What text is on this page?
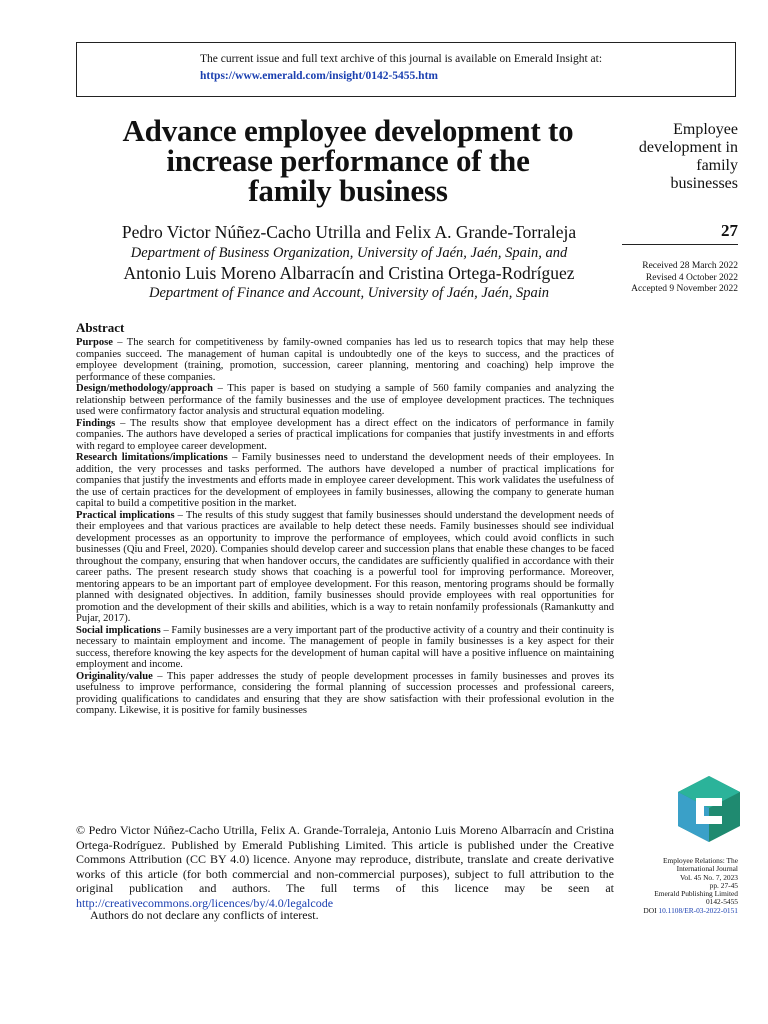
The current issue and full text archive of this journal is available on Emerald Insight at:
https://www.emerald.com/insight/0142-5455.htm
Advance employee development to
increase performance of the
family business
Pedro Victor Núñez-Cacho Utrilla and Felix A. Grande-Torraleja
Department of Business Organization, University of Jaén, Jaén, Spain, and
Antonio Luis Moreno Albarracín and Cristina Ortega-Rodríguez
Department of Finance and Account, University of Jaén, Jaén, Spain
Employee
development in
family
businesses
27
Received 28 March 2022
Revised 4 October 2022
Accepted 9 November 2022
Abstract

Purpose – The search for competitiveness by family-owned companies has led us to research topics that may help these companies succeed. The management of human capital is undoubtedly one of the keys to success, and the practices of employee development (training, promotion, succession, career planning, mentoring and coaching) help improve the performance of these companies.

Design/methodology/approach – This paper is based on studying a sample of 560 family companies and analyzing the relationship between performance of the family businesses and the use of employee development practices. The techniques used were confirmatory factor analysis and structural equation modeling.

Findings – The results show that employee development has a direct effect on the indicators of performance in family companies. The authors have developed a series of practical implications for companies that justify investments in and efforts with regard to employee career development.

Research limitations/implications – Family businesses need to understand the development needs of their employees. In addition, the very processes and tasks performed. The authors have developed a number of practical implications for companies that justify the investments and efforts made in employee career development. This work validates the usefulness of the use of certain practices for the development of employees in family businesses, allowing the company to generate human capital to build a competitive position in the market.

Practical implications – The results of this study suggest that family businesses should understand the development needs of their employees and that various practices are available to help detect these needs. Family businesses should see individual development processes as an opportunity to improve the performance of employees, which could avoid conflicts in such businesses (Qiu and Freel, 2020). Companies should develop career and succession plans that enable these changes to be faced throughout the company, ensuring that when handover occurs, the candidates are sufficiently qualified in accordance with their career paths. The present research study shows that coaching is a powerful tool for improving performance. Moreover, mentoring appears to be an important part of employee development. For this reason, mentoring programs should be formally planned with designated objectives. In addition, family businesses should provide employees with real opportunities for promotion and the development of their skills and abilities, which is a way to retain nonfamily professionals (Ramankutty and Pujar, 2017).

Social implications – Family businesses are a very important part of the productive activity of a country and their continuity is necessary to maintain employment and income. The management of people in family businesses is a key aspect for their success, therefore knowing the key aspects for the development of human capital will have a positive influence on maintaining employment and income.

Originality/value – This paper addresses the study of people development processes in family businesses and proves its usefulness to improve performance, considering the formal planning of succession processes and professional careers, providing qualifications to candidates and ensuring that they are show satisfaction with their professional evolution in the company. Likewise, it is positive for family businesses

Employee Relations: The
International Journal
Vol. 45 No. 7, 2023
pp. 27-45
Emerald Publishing Limited
0142-5455
DOI 10.1108/ER-03-2022-0151
© Pedro Victor Núñez-Cacho Utrilla, Felix A. Grande-Torraleja, Antonio Luis Moreno Albarracín and Cristina Ortega-Rodríguez. Published by Emerald Publishing Limited. This article is published under the Creative Commons Attribution (CC BY 4.0) licence. Anyone may reproduce, distribute, translate and create derivative works of this article (for both commercial and non-commercial purposes), subject to full attribution to the original publication and authors. The full terms of this licence may be seen at http://creativecommons.org/licences/by/4.0/legalcode
Authors do not declare any conflicts of interest.
